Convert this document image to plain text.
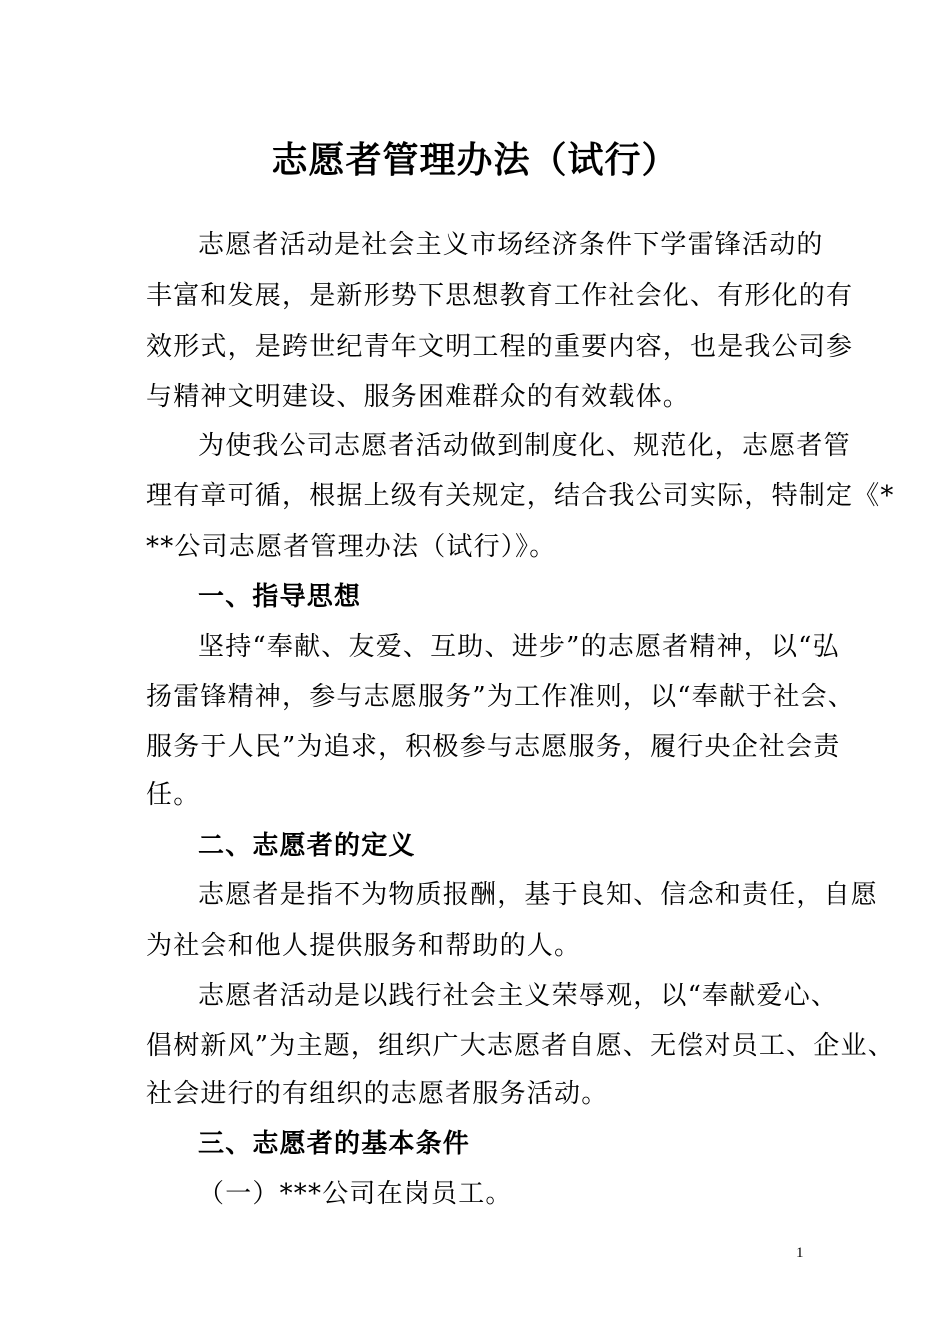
志愿者管理办法（试行）
志愿者活动是社会主义市场经济条件下学雷锋活动的
丰富和发展，是新形势下思想教育工作社会化、有形化的有
效形式，是跨世纪青年文明工程的重要内容，也是我公司参
与精神文明建设、服务困难群众的有效载体。
为使我公司志愿者活动做到制度化、规范化，志愿者管
理有章可循，根据上级有关规定，结合我公司实际，特制定《*
**公司志愿者管理办法（试行）》。
一、指导思想
坚持“奉献、友爱、互助、进步”的志愿者精神，以“弘
扬雷锋精神，参与志愿服务”为工作准则，以“奉献于社会、
服务于人民”为追求，积极参与志愿服务，履行央企社会责
任。
二、志愿者的定义
志愿者是指不为物质报酬，基于良知、信念和责任，自愿
为社会和他人提供服务和帮助的人。
志愿者活动是以践行社会主义荣辱观，以“奉献爱心、
倡树新风”为主题，组织广大志愿者自愿、无偿对员工、企业、
社会进行的有组织的志愿者服务活动。
三、志愿者的基本条件
（一）***公司在岗员工。
1
